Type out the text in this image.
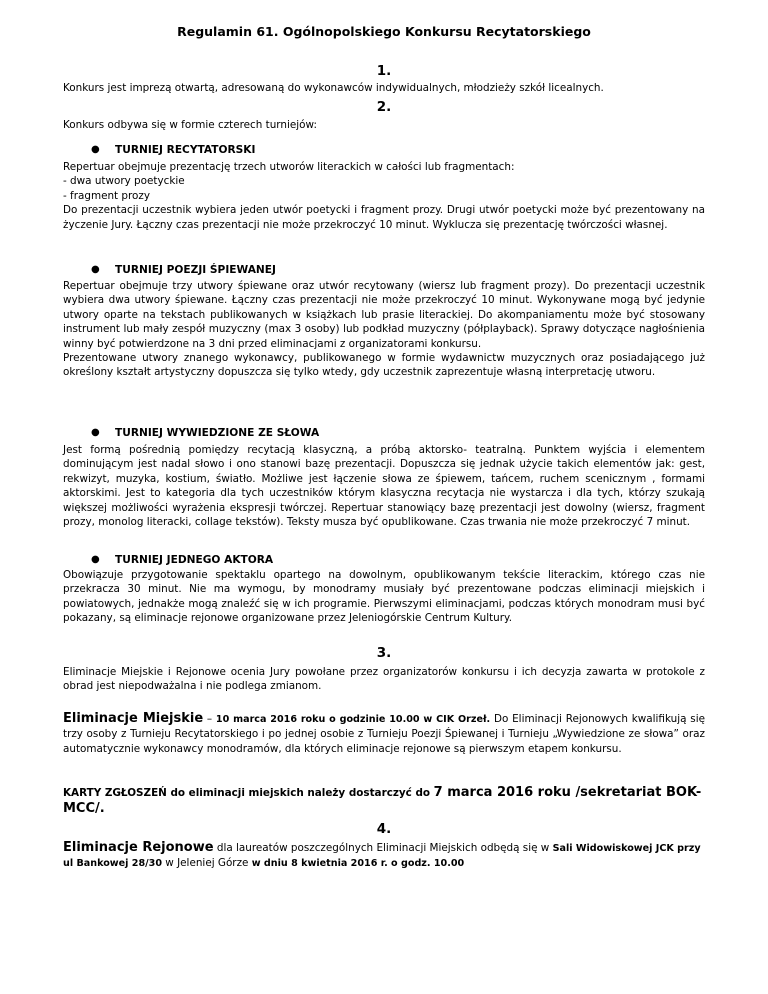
Regulamin 61. Ogólnopolskiego Konkursu Recytatorskiego
1.

Konkurs jest imprezą otwartą, adresowaną do wykonawców indywidualnych, młodzieży szkół licealnych.

2.

Konkurs odbywa się w formie czterech turniejów:

● TURNIEJ RECYTATORSKI

Repertuar obejmuje prezentację trzech utworów literackich w całości lub fragmentach:

- dwa utwory poetyckie

- fragment prozy

Do prezentacji uczestnik wybiera jeden utwór poetycki i fragment prozy. Drugi utwór poetycki może być prezentowany na życzenie Jury. Łączny czas prezentacji nie może przekroczyć 10 minut. Wyklucza się prezentację twórczości własnej.

● TURNIEJ POEZJI ŚPIEWANEJ

Repertuar obejmuje trzy utwory śpiewane oraz utwór recytowany (wiersz lub fragment prozy). Do prezentacji uczestnik wybiera dwa utwory śpiewane. Łączny czas prezentacji nie może przekroczyć 10 minut. Wykonywane mogą być jedynie utwory oparte na tekstach publikowanych w książkach lub prasie literackiej. Do akompaniamentu może być stosowany instrument lub mały zespół muzyczny (max 3 osoby) lub podkład muzyczny (półplayback). Sprawy dotyczące nagłośnienia winny być potwierdzone na 3 dni przed eliminacjami z organizatorami konkursu.

Prezentowane utwory znanego wykonawcy, publikowanego w formie wydawnictw muzycznych oraz posiadającego już określony kształt artystyczny dopuszcza się tylko wtedy, gdy uczestnik zaprezentuje własną interpretację utworu.

● TURNIEJ WYWIEDZIONE ZE SŁOWA

Jest formą pośrednią pomiędzy recytacją klasyczną, a próbą aktorsko- teatralną. Punktem wyjścia i elementem dominującym jest nadal słowo i ono stanowi bazę prezentacji. Dopuszcza się jednak użycie takich elementów jak: gest, rekwizyt, muzyka, kostium, światło. Możliwe jest łączenie słowa ze śpiewem, tańcem, ruchem scenicznym , formami aktorskimi. Jest to kategoria dla tych uczestników którym klasyczna recytacja nie wystarcza i dla tych, którzy szukają większej możliwości wyrażenia ekspresji twórczej. Repertuar stanowiący bazę prezentacji jest dowolny (wiersz, fragment prozy, monolog literacki, collage tekstów). Teksty musza być opublikowane. Czas trwania nie może przekroczyć 7 minut.

● TURNIEJ JEDNEGO AKTORA

Obowiązuje przygotowanie spektaklu opartego na dowolnym, opublikowanym tekście literackim, którego czas nie przekracza 30 minut. Nie ma wymogu, by monodramy musiały być prezentowane podczas eliminacji miejskich i powiatowych, jednakże mogą znaleźć się w ich programie. Pierwszymi eliminacjami, podczas których monodram musi być pokazany, są eliminacje rejonowe organizowane przez Jeleniogórskie Centrum Kultury.

3.

Eliminacje Miejskie i Rejonowe ocenia Jury powołane przez organizatorów konkursu i ich decyzja zawarta w protokole z obrad jest niepodważalna i nie podlega zmianom.

Eliminacje Miejskie – 10 marca 2016 roku o godzinie 10.00 w CIK Orzeł. Do Eliminacji Rejonowych kwalifikują się trzy osoby z Turnieju Recytatorskiego i po jednej osobie z Turnieju Poezji Śpiewanej i Turnieju „Wywiedzione ze słowa” oraz automatycznie wykonawcy monodramów, dla których eliminacje rejonowe są pierwszym etapem konkursu.

KARTY ZGŁOSZEŃ do eliminacji miejskich należy dostarczyć do 7 marca 2016 roku /sekretariat BOK-MCC/.

4.

Eliminacje Rejonowe dla laureatów poszczególnych Eliminacji Miejskich odbędą się w Sali Widowiskowej JCK przy ul Bankowej 28/30 w Jeleniej Górze w dniu 8 kwietnia 2016 r. o godz. 10.00
